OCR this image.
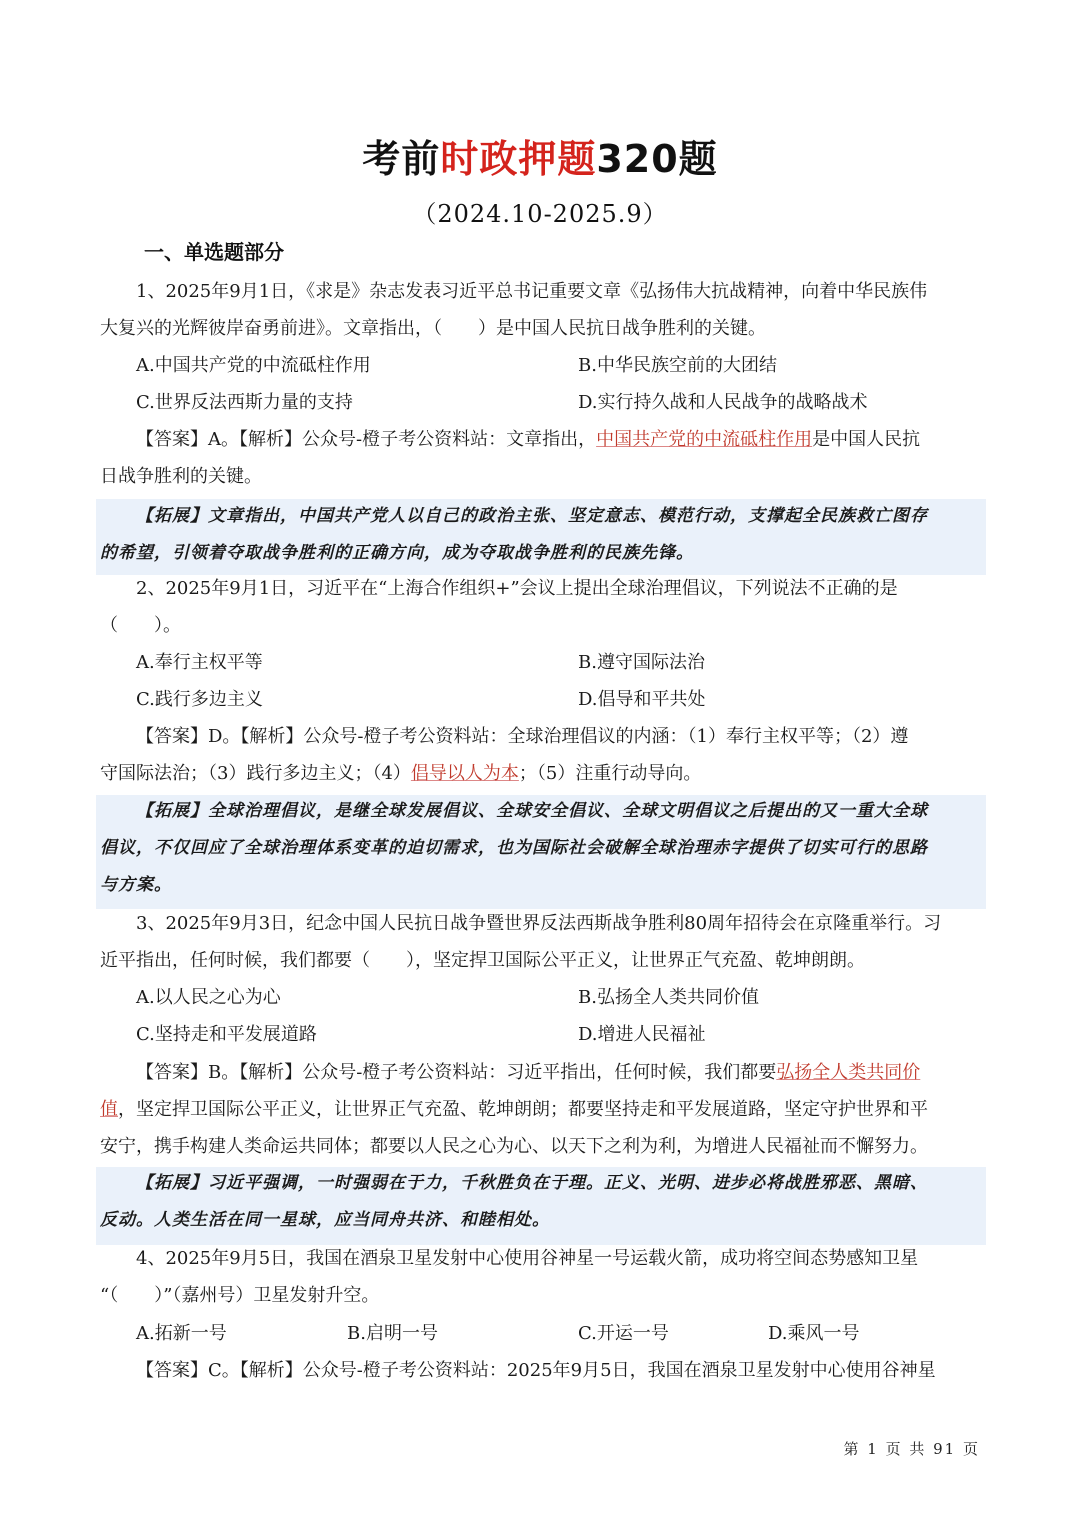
考前时政押题320题
（2024.10-2025.9）
一、单选题部分
1、2025年9月1日，《求是》杂志发表习近平总书记重要文章《弘扬伟大抗战精神，向着中华民族伟
大复兴的光辉彼岸奋勇前进》。文章指出，（　　）是中国人民抗日战争胜利的关键。
A.中国共产党的中流砥柱作用	B.中华民族空前的大团结
C.世界反法西斯力量的支持	D.实行持久战和人民战争的战略战术
【答案】A。【解析】公众号-橙子考公资料站：文章指出，中国共产党的中流砥柱作用是中国人民抗
日战争胜利的关键。
【拓展】文章指出，中国共产党人以自己的政治主张、坚定意志、模范行动，支撑起全民族救亡图存
的希望，引领着夺取战争胜利的正确方向，成为夺取战争胜利的民族先锋。
2、2025年9月1日，习近平在“上海合作组织+”会议上提出全球治理倡议，下列说法不正确的是
（　　）。
A.奉行主权平等	B.遵守国际法治
C.践行多边主义	D.倡导和平共处
【答案】D。【解析】公众号-橙子考公资料站：全球治理倡议的内涵：（1）奉行主权平等；（2）遵
守国际法治；（3）践行多边主义；（4）倡导以人为本；（5）注重行动导向。
【拓展】全球治理倡议，是继全球发展倡议、全球安全倡议、全球文明倡议之后提出的又一重大全球
倡议，不仅回应了全球治理体系变革的迫切需求，也为国际社会破解全球治理赤字提供了切实可行的思路
与方案。
3、2025年9月3日，纪念中国人民抗日战争暨世界反法西斯战争胜利80周年招待会在京隆重举行。习
近平指出，任何时候，我们都要（　　），坚定捍卫国际公平正义，让世界正气充盈、乾坤朗朗。
A.以人民之心为心	B.弘扬全人类共同价值
C.坚持走和平发展道路	D.增进人民福祉
【答案】B。【解析】公众号-橙子考公资料站：习近平指出，任何时候，我们都要弘扬全人类共同价
值，坚定捍卫国际公平正义，让世界正气充盈、乾坤朗朗；都要坚持走和平发展道路，坚定守护世界和平
安宁，携手构建人类命运共同体；都要以人民之心为心、以天下之利为利，为增进人民福祉而不懈努力。
【拓展】习近平强调，一时强弱在于力，千秋胜负在于理。正义、光明、进步必将战胜邪恶、黑暗、
反动。人类生活在同一星球，应当同舟共济、和睦相处。
4、2025年9月5日，我国在酒泉卫星发射中心使用谷神星一号运载火箭，成功将空间态势感知卫星
“（　　）”（嘉州号）卫星发射升空。
A.拓新一号	B.启明一号	C.开运一号	D.乘风一号
【答案】C。【解析】公众号-橙子考公资料站：2025年9月5日，我国在酒泉卫星发射中心使用谷神星
第 1 页 共 91 页
